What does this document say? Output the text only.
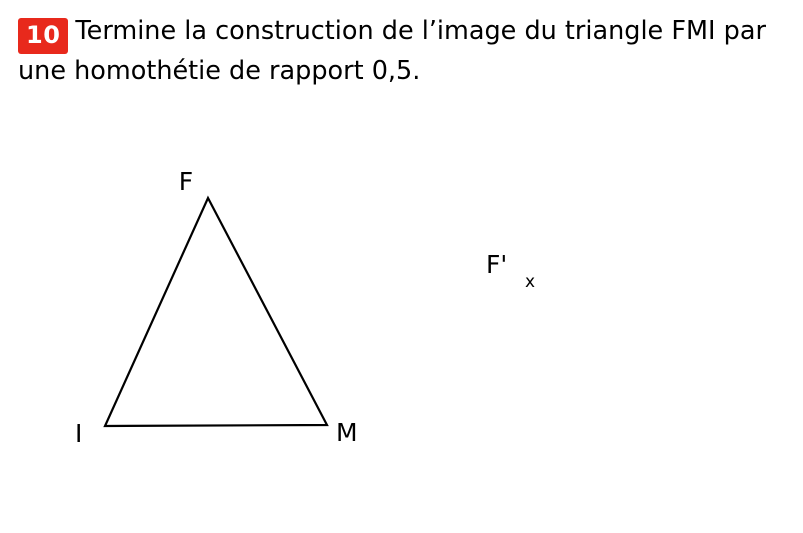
10 Termine la construction de l’image du triangle FMI par une homothétie de rapport 0,5.
F
M
I
F'
x
